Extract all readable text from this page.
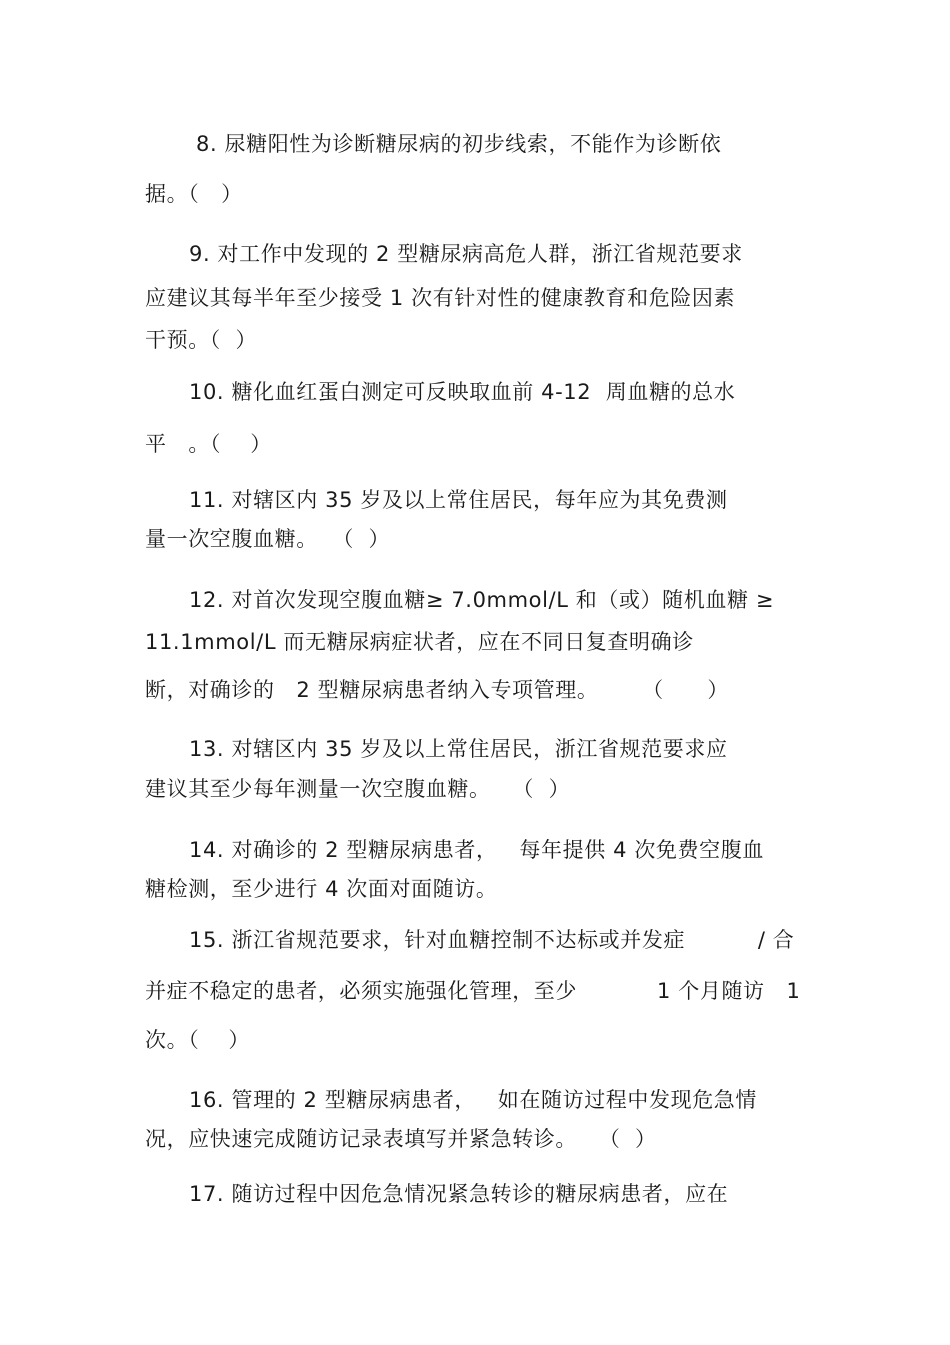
8. 尿糖阳性为诊断糖尿病的初步线索，不能作为诊断依
据。（   ）
9. 对工作中发现的 2 型糖尿病高危人群，浙江省规范要求
应建议其每半年至少接受 1 次有针对性的健康教育和危险因素
干预。（  ）
10. 糖化血红蛋白测定可反映取血前 4-12  周血糖的总水
平   。（    ）
11. 对辖区内 35 岁及以上常住居民，每年应为其免费测
量一次空腹血糖。  （  ）
12. 对首次发现空腹血糖≥ 7.0mmol/L 和（或）随机血糖 ≥
11.1mmol/L 而无糖尿病症状者，应在不同日复查明确诊
断，对确诊的   2 型糖尿病患者纳入专项管理。      （      ）
13. 对辖区内 35 岁及以上常住居民，浙江省规范要求应
建议其至少每年测量一次空腹血糖。   （  ）
14. 对确诊的 2 型糖尿病患者，   每年提供 4 次免费空腹血
糖检测，至少进行 4 次面对面随访。
15. 浙江省规范要求，针对血糖控制不达标或并发症          / 合
并症不稳定的患者，必须实施强化管理，至少           1 个月随访   1
次。（    ）
16. 管理的 2 型糖尿病患者，   如在随访过程中发现危急情
况，应快速完成随访记录表填写并紧急转诊。   （  ）
17. 随访过程中因危急情况紧急转诊的糖尿病患者，应在
